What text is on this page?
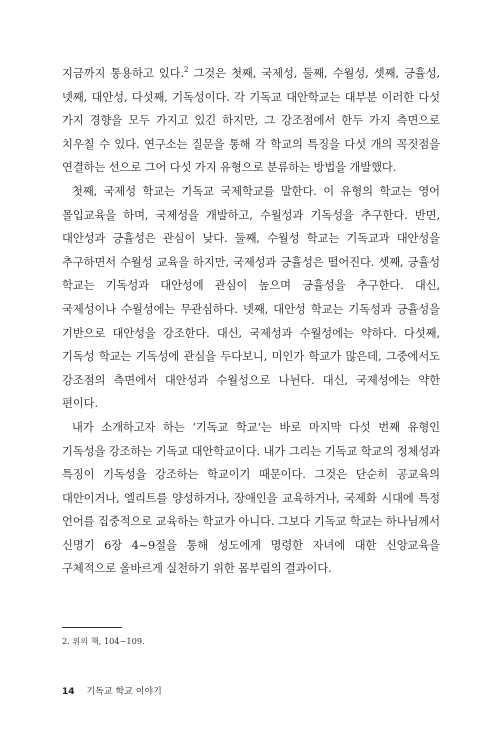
지금까지 통용하고 있다.$^2$ 그것은 첫째, 국제성, 둘째, 수월성, 셋째, 긍휼성, 넷째, 대안성, 다섯째, 기독성이다. 각 기독교 대안학교는 대부분 이러한 다섯 가지 경향을 모두 가지고 있긴 하지만, 그 강조점에서 한두 가지 측면으로 치우칠 수 있다. 연구소는 질문을 통해 각 학교의 특징을 다섯 개의 꼭짓점을 연결하는 선으로 그어 다섯 가지 유형으로 분류하는 방법을 개발했다.

첫째, 국제성 학교는 기독교 국제학교를 말한다. 이 유형의 학교는 영어 몰입교육을 하며, 국제성을 개발하고, 수월성과 기독성을 추구한다. 반면, 대안성과 긍휼성은 관심이 낮다. 둘째, 수월성 학교는 기독교과 대안성을 추구하면서 수월성 교육을 하지만, 국제성과 긍휼성은 떨어진다. 셋째, 긍휼성 학교는 기독성과 대안성에 관심이 높으며 긍휼성을 추구한다. 대신, 국제성이나 수월성에는 무관심하다. 넷째, 대안성 학교는 기독성과 긍휼성을 기반으로 대안성을 강조한다. 대신, 국제성과 수월성에는 약하다. 다섯째, 기독성 학교는 기독성에 관심을 두다보니, 미인가 학교가 많은데, 그중에서도 강조점의 측면에서 대안성과 수월성으로 나뉜다. 대신, 국제성에는 약한 편이다.

내가 소개하고자 하는 ‘기독교 학교’는 바로 마지막 다섯 번째 유형인 기독성을 강조하는 기독교 대안학교이다. 내가 그리는 기독교 학교의 정체성과 특징이 기독성을 강조하는 학교이기 때문이다. 그것은 단순히 공교육의 대안이거나, 엘리트를 양성하거나, 장애인을 교육하거나, 국제화 시대에 특정 언어를 집중적으로 교육하는 학교가 아니다. 그보다 기독교 학교는 하나님께서 신명기 6장 4~9절을 통해 성도에게 명령한 자녀에 대한 신앙교육을 구체적으로 올바르게 실천하기 위한 몸부림의 결과이다.

2. 위의 책, 104~109.

14 기독교 학교 이야기
